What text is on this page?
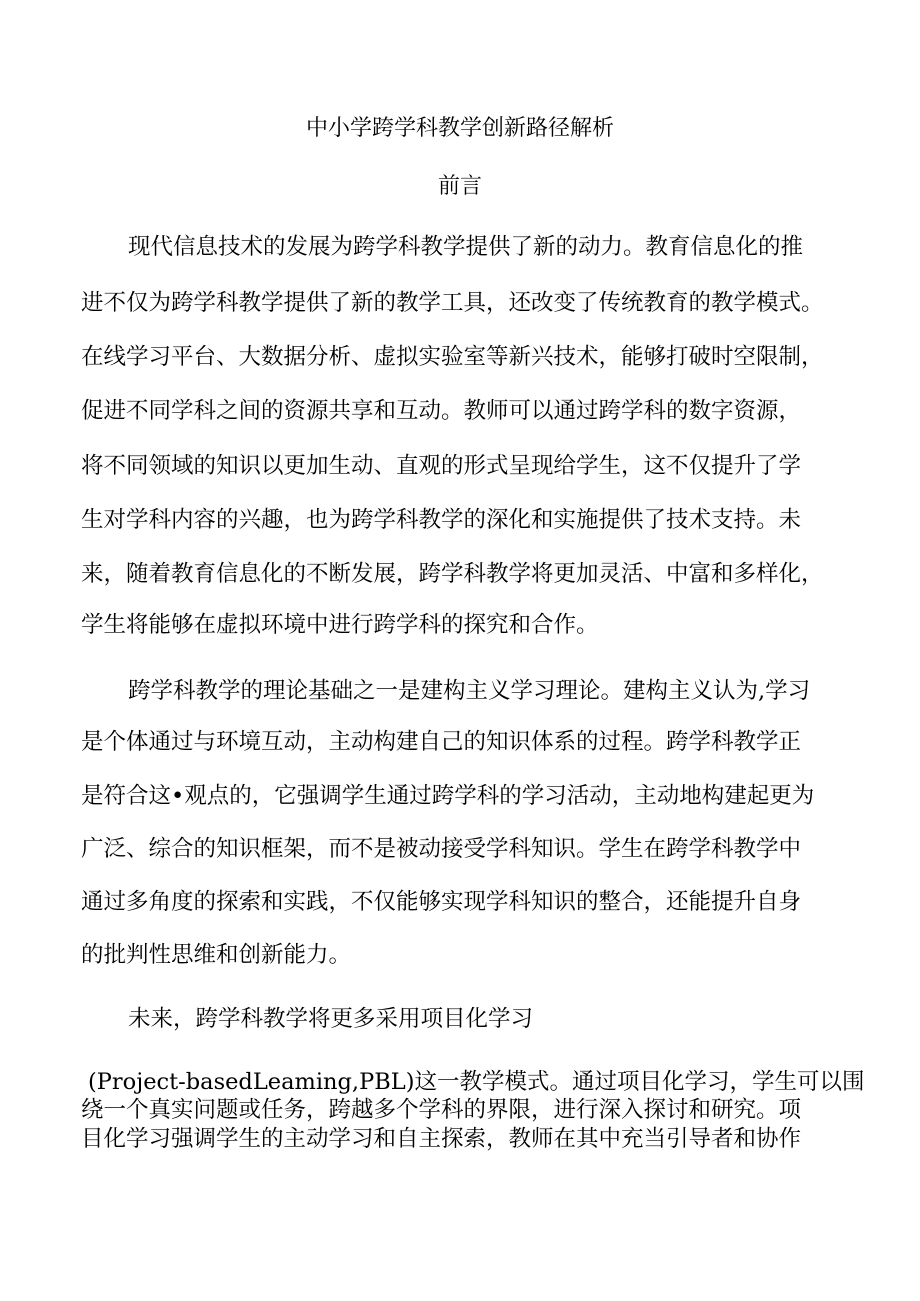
中小学跨学科教学创新路径解析
前言
现代信息技术的发展为跨学科教学提供了新的动力。教育信息化的推
进不仅为跨学科教学提供了新的教学工具，还改变了传统教育的教学模式。
在线学习平台、大数据分析、虚拟实验室等新兴技术，能够打破时空限制，
促进不同学科之间的资源共享和互动。教师可以通过跨学科的数字资源，
将不同领域的知识以更加生动、直观的形式呈现给学生，这不仅提升了学
生对学科内容的兴趣，也为跨学科教学的深化和实施提供了技术支持。未
来，随着教育信息化的不断发展，跨学科教学将更加灵活、中富和多样化，
学生将能够在虚拟环境中进行跨学科的探究和合作。
跨学科教学的理论基础之一是建构主义学习理论。建构主义认为,学习
是个体通过与环境互动，主动构建自己的知识体系的过程。跨学科教学正
是符合这•观点的，它强调学生通过跨学科的学习活动，主动地构建起更为
广泛、综合的知识框架，而不是被动接受学科知识。学生在跨学科教学中
通过多角度的探索和实践，不仅能够实现学科知识的整合，还能提升自身
的批判性思维和创新能力。
未来，跨学科教学将更多采用项目化学习
(Project-basedLeaming,PBL)这一教学模式。通过项目化学习，学生可以围
绕一个真实问题或任务，跨越多个学科的界限，进行深入探讨和研究。项
目化学习强调学生的主动学习和自主探索，教师在其中充当引导者和协作
